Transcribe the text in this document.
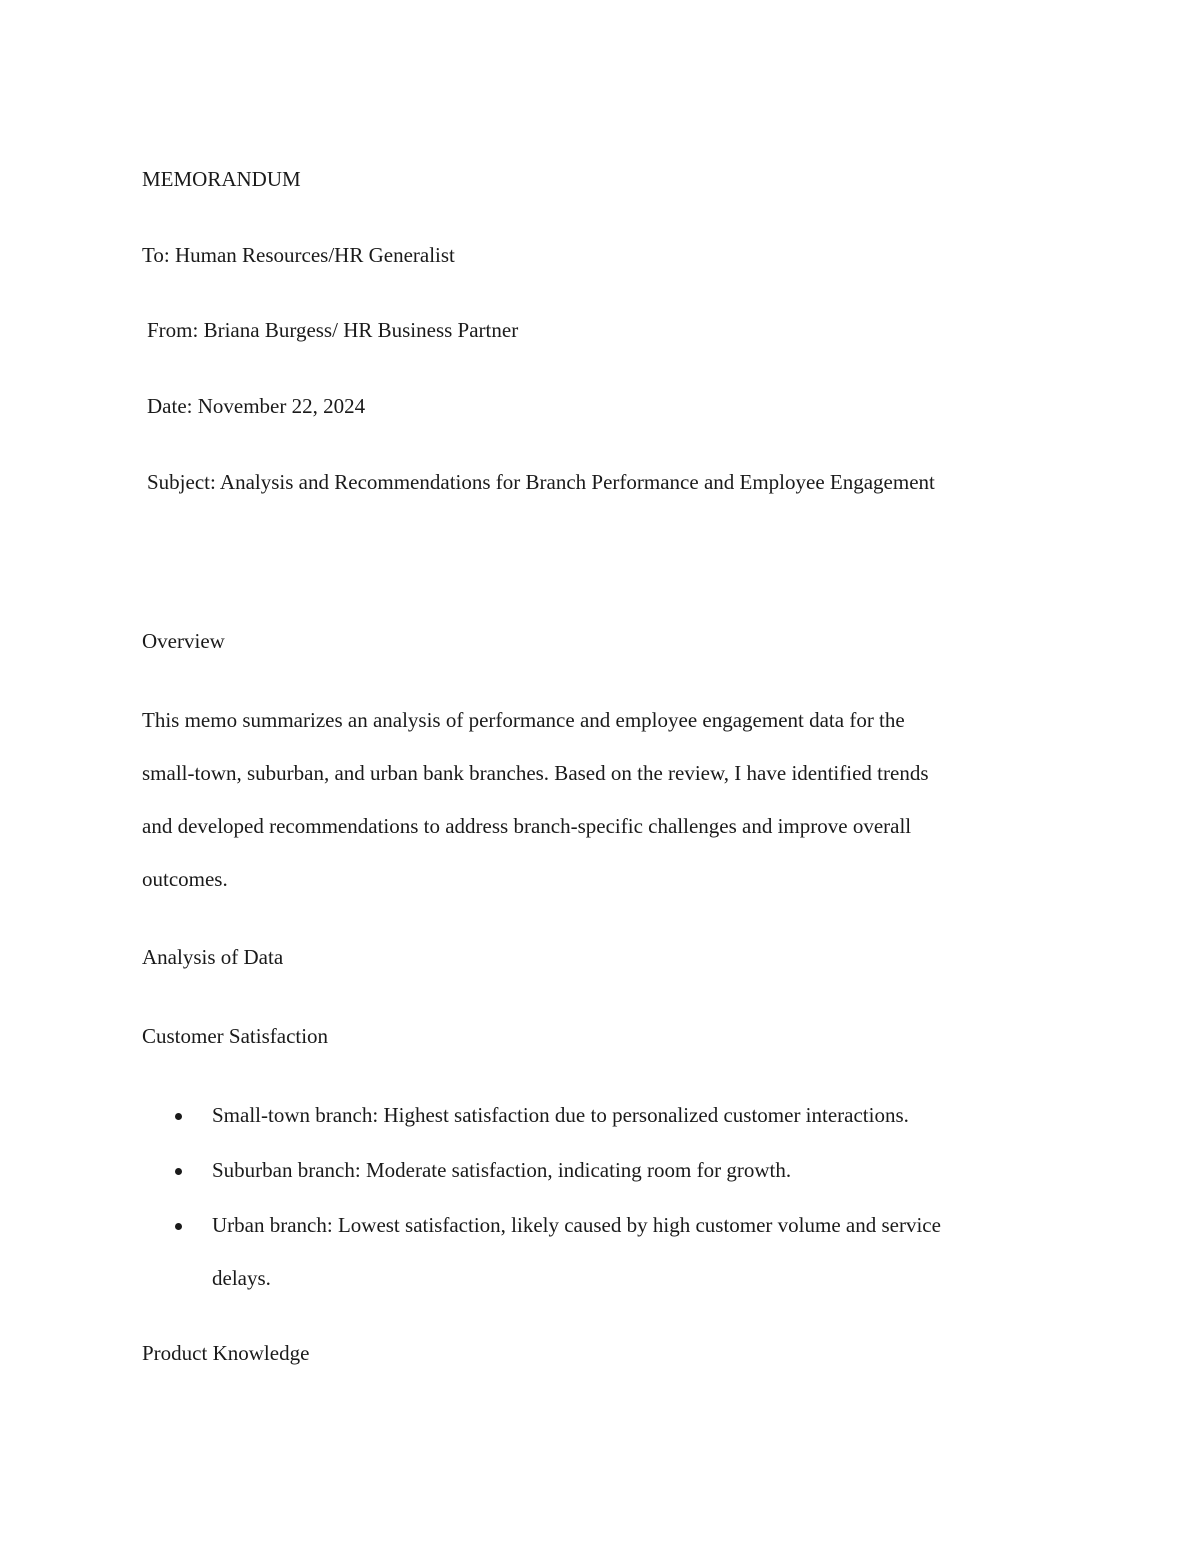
MEMORANDUM
To: Human Resources/HR Generalist
From: Briana Burgess/ HR Business Partner
Date: November 22, 2024
Subject: Analysis and Recommendations for Branch Performance and Employee Engagement
Overview
This memo summarizes an analysis of performance and employee engagement data for the
small-town, suburban, and urban bank branches. Based on the review, I have identified trends
and developed recommendations to address branch-specific challenges and improve overall
outcomes.
Analysis of Data
Customer Satisfaction
Small-town branch: Highest satisfaction due to personalized customer interactions.
Suburban branch: Moderate satisfaction, indicating room for growth.
Urban branch: Lowest satisfaction, likely caused by high customer volume and service
delays.
Product Knowledge
